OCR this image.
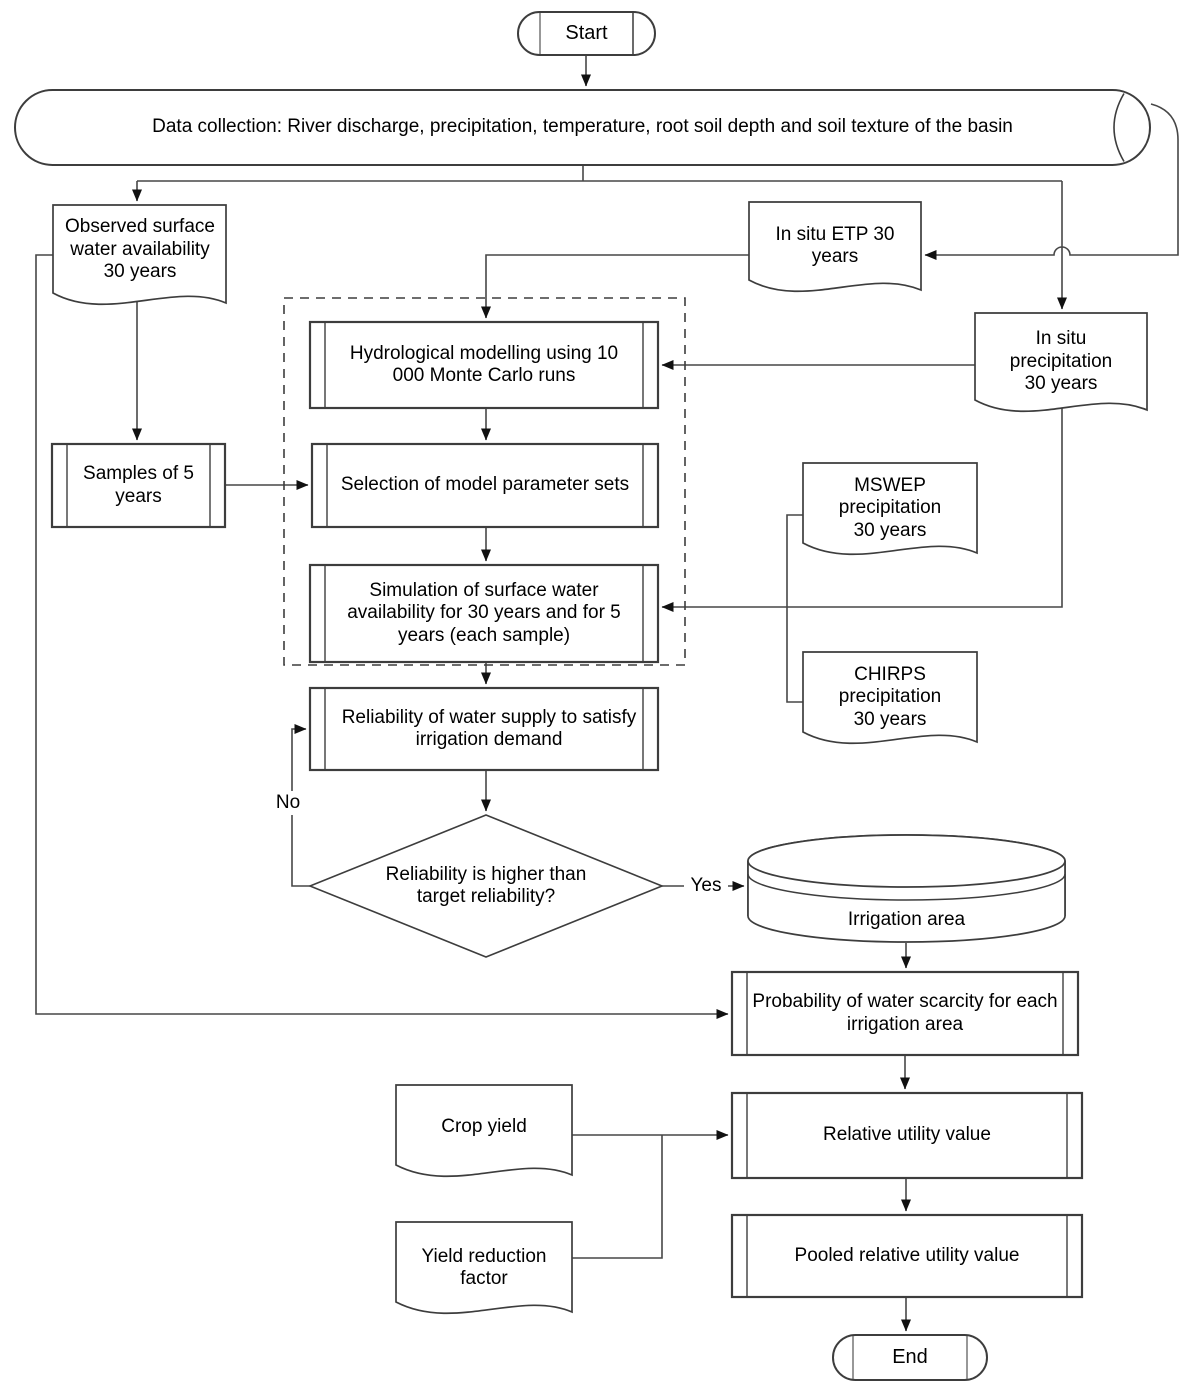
Start
Data collection: River discharge, precipitation, temperature, root soil depth and soil texture of the basin
Observed surface water availability 30 years
In situ ETP 30 years
In situ precipitation 30 years
Hydrological modelling using 10 000 Monte Carlo runs
Samples of 5 years
Selection of model parameter sets
Simulation of surface water availability for 30 years and for 5 years (each sample)
MSWEP precipitation 30 years
CHIRPS precipitation 30 years
Reliability of water supply to satisfy irrigation demand
Reliability is higher than target reliability?
Irrigation area
Probability of water scarcity for each irrigation area
Crop yield
Yield reduction factor
Relative utility value
Pooled relative utility value
End
No
Yes
